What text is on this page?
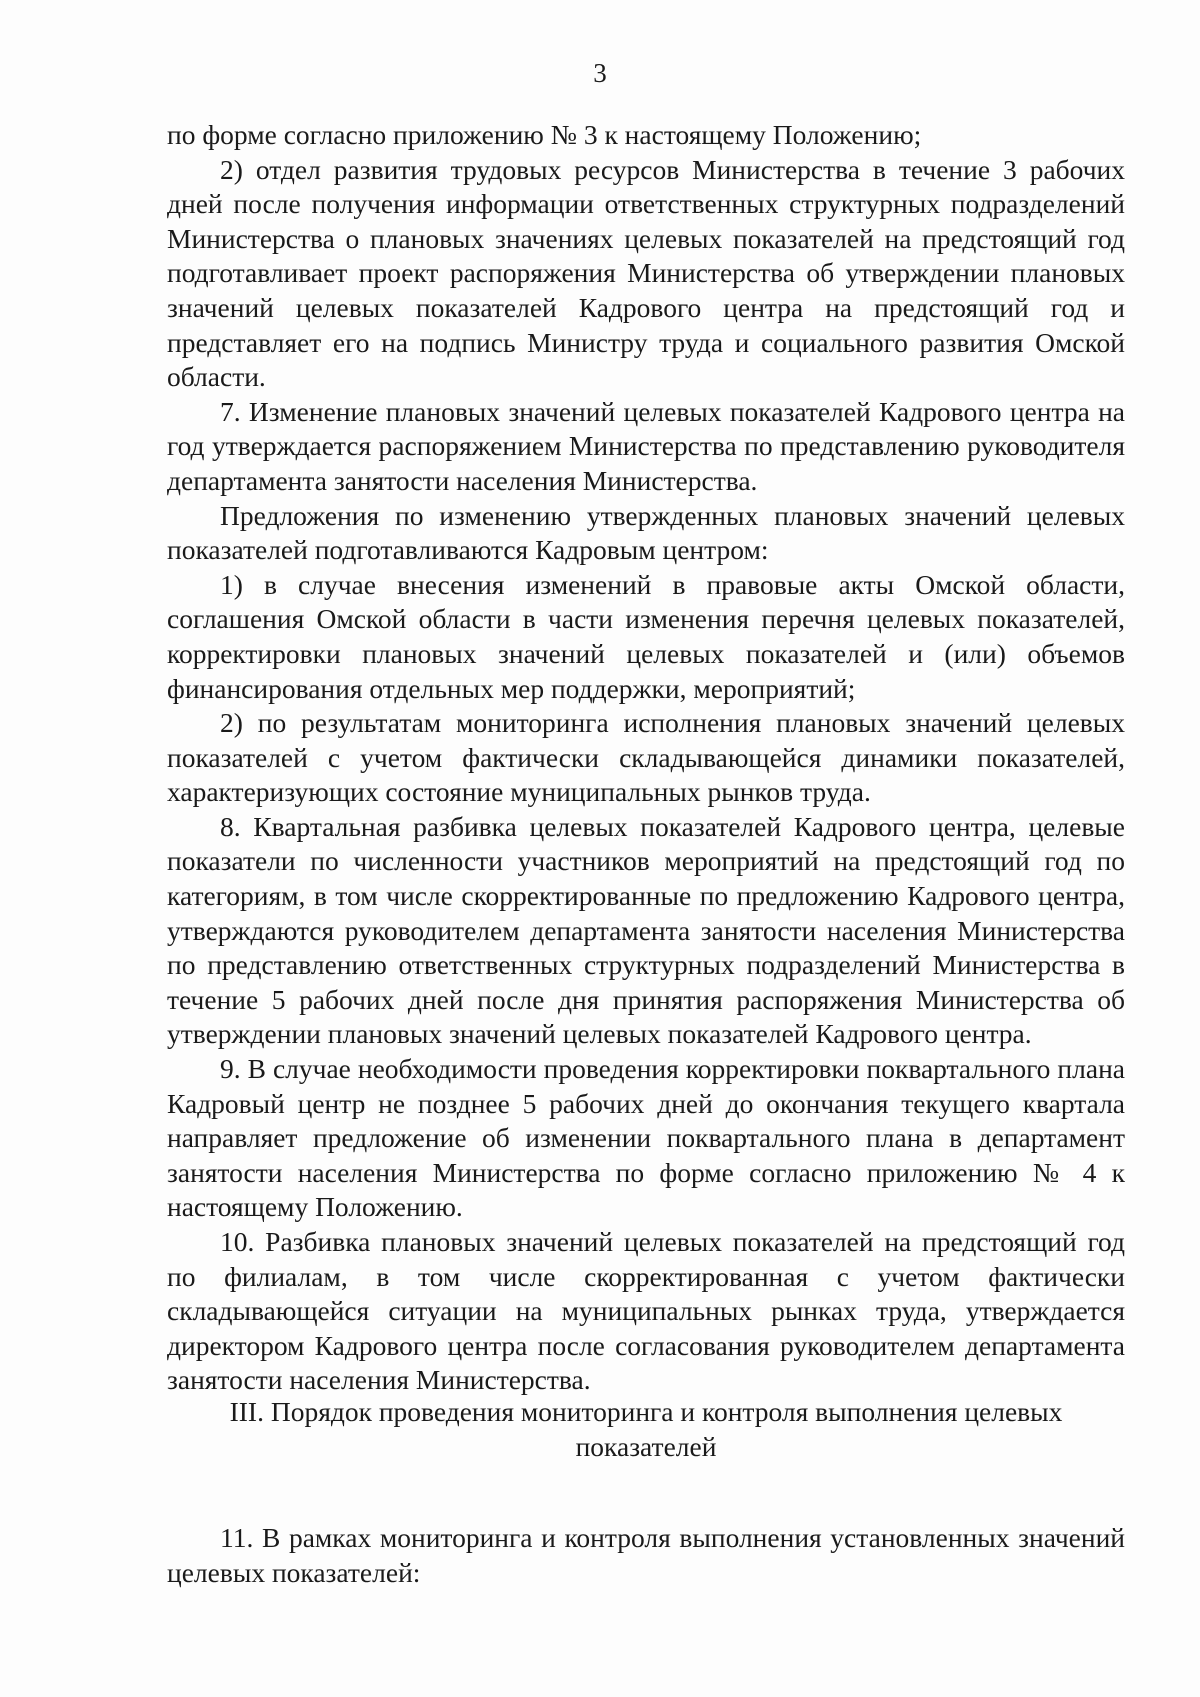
3

по форме согласно приложению № 3 к настоящему Положению;

2) отдел развития трудовых ресурсов Министерства в течение 3 рабочих дней после получения информации ответственных структурных подразделений Министерства о плановых значениях целевых показателей на предстоящий год подготавливает проект распоряжения Министерства об утверждении плановых значений целевых показателей Кадрового центра на предстоящий год и представляет его на подпись Министру труда и социального развития Омской области.

7. Изменение плановых значений целевых показателей Кадрового центра на год утверждается распоряжением Министерства по представлению руководителя департамента занятости населения Министерства.

Предложения по изменению утвержденных плановых значений целевых показателей подготавливаются Кадровым центром:

1) в случае внесения изменений в правовые акты Омской области, соглашения Омской области в части изменения перечня целевых показателей, корректировки плановых значений целевых показателей и (или) объемов финансирования отдельных мер поддержки, мероприятий;

2) по результатам мониторинга исполнения плановых значений целевых показателей с учетом фактически складывающейся динамики показателей, характеризующих состояние муниципальных рынков труда.

8. Квартальная разбивка целевых показателей Кадрового центра, целевые показатели по численности участников мероприятий на предстоящий год по категориям, в том числе скорректированные по предложению Кадрового центра, утверждаются руководителем департамента занятости населения Министерства по представлению ответственных структурных подразделений Министерства в течение 5 рабочих дней после дня принятия распоряжения Министерства об утверждении плановых значений целевых показателей Кадрового центра.

9. В случае необходимости проведения корректировки поквартального плана Кадровый центр не позднее 5 рабочих дней до окончания текущего квартала направляет предложение об изменении поквартального плана в департамент занятости населения Министерства по форме согласно приложению № 4 к настоящему Положению.

10. Разбивка плановых значений целевых показателей на предстоящий год по филиалам, в том числе скорректированная с учетом фактически складывающейся ситуации на муниципальных рынках труда, утверждается директором Кадрового центра после согласования руководителем департамента занятости населения Министерства.

III. Порядок проведения мониторинга и контроля выполнения целевых

показателей

11. В рамках мониторинга и контроля выполнения установленных значений целевых показателей:
